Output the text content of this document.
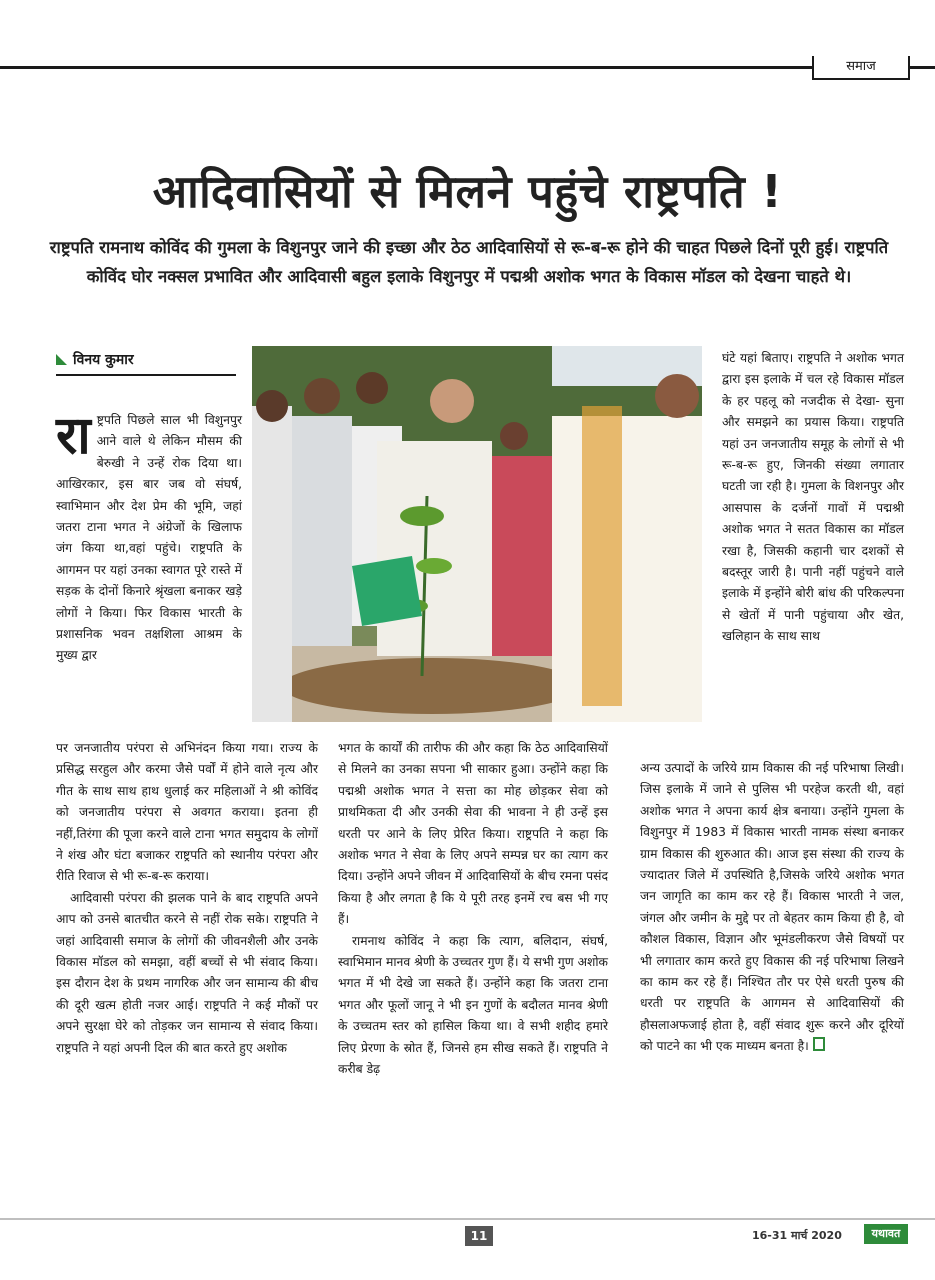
समाज
आदिवासियों से मिलने पहुंचे राष्ट्रपति !
राष्ट्रपति रामनाथ कोविंद की गुमला के विशुनपुर जाने की इच्छा और ठेठ आदिवासियों से रू-ब-रू होने की चाहत पिछले दिनों पूरी हुई। राष्ट्रपति कोविंद घोर नक्सल प्रभावित और आदिवासी बहुल इलाके विशुनपुर में पद्मश्री अशोक भगत के विकास मॉडल को देखना चाहते थे।
विनय कुमार

राष्ट्रपति पिछले साल भी विशुनपुर आने वाले थे लेकिन मौसम की बेरुखी ने उन्हें रोक दिया था। आखिरकार, इस बार जब वो संघर्ष, स्वाभिमान और देश प्रेम की भूमि, जहां जतरा टाना भगत ने अंग्रेजों के खिलाफ जंग किया था,वहां पहुंचे। राष्ट्रपति के आगमन पर यहां उनका स्वागत पूरे रास्ते में सड़क के दोनों किनारे श्रृंखला बनाकर खड़े लोगों ने किया। फिर विकास भारती के प्रशासनिक भवन तक्षशिला आश्रम के मुख्य द्वार

पर जनजातीय परंपरा से अभिनंदन किया गया। राज्य के प्रसिद्ध सरहुल और करमा जैसे पर्वों में होने वाले नृत्य और गीत के साथ साथ हाथ धुलाई कर महिलाओं ने श्री कोविंद को जनजातीय परंपरा से अवगत कराया। इतना ही नहीं,तिरंगा की पूजा करने वाले टाना भगत समुदाय के लोगों ने शंख और घंटा बजाकर राष्ट्रपति को स्थानीय परंपरा और रीति रिवाज से भी रू-ब-रू कराया।

आदिवासी परंपरा की झलक पाने के बाद राष्ट्रपति अपने आप को उनसे बातचीत करने से नहीं रोक सके। राष्ट्रपति ने जहां आदिवासी समाज के लोगों की जीवनशैली और उनके विकास मॉडल को समझा, वहीं बच्चों से भी संवाद किया। इस दौरान देश के प्रथम नागरिक और जन सामान्य की बीच की दूरी खत्म होती नजर आई। राष्ट्रपति ने कई मौकों पर अपने सुरक्षा घेरे को तोड़कर जन सामान्य से संवाद किया। राष्ट्रपति ने यहां अपनी दिल की बात करते हुए अशोक

भगत के कार्यों की तारीफ की और कहा कि ठेठ आदिवासियों से मिलने का उनका सपना भी साकार हुआ। उन्होंने कहा कि पद्मश्री अशोक भगत ने सत्ता का मोह छोड़कर सेवा को प्राथमिकता दी और उनकी सेवा की भावना ने ही उन्हें इस धरती पर आने के लिए प्रेरित किया। राष्ट्रपति ने कहा कि अशोक भगत ने सेवा के लिए अपने सम्पन्न घर का त्याग कर दिया। उन्होंने अपने जीवन में आदिवासियों के बीच रमना पसंद किया है और लगता है कि ये पूरी तरह इनमें रच बस भी गए हैं।

रामनाथ कोविंद ने कहा कि त्याग, बलिदान, संघर्ष, स्वाभिमान मानव श्रेणी के उच्चतर गुण हैं। ये सभी गुण अशोक भगत में भी देखे जा सकते हैं। उन्होंने कहा कि जतरा टाना भगत और फूलों जानू ने भी इन गुणों के बदौलत मानव श्रेणी के उच्चतम स्तर को हासिल किया था। वे सभी शहीद हमारे लिए प्रेरणा के स्रोत हैं, जिनसे हम सीख सकते हैं। राष्ट्रपति ने करीब डेढ़

घंटे यहां बिताए। राष्ट्रपति ने अशोक भगत द्वारा इस इलाके में चल रहे विकास मॉडल के हर पहलू को नजदीक से देखा- सुना और समझने का प्रयास किया। राष्ट्रपति यहां उन जनजातीय समूह के लोगों से भी रू-ब-रू हुए, जिनकी संख्या लगातार घटती जा रही है। गुमला के विशनपुर और आसपास के दर्जनों गावों में पद्मश्री अशोक भगत ने सतत विकास का मॉडल रखा है, जिसकी कहानी चार दशकों से बदस्तूर जारी है। पानी नहीं पहुंचने वाले इलाके में इन्होंने बोरी बांध की परिकल्पना से खेतों में पानी पहुंचाया और खेत, खलिहान के साथ साथ

अन्य उत्पादों के जरिये ग्राम विकास की नई परिभाषा लिखी। जिस इलाके में जाने से पुलिस भी परहेज करती थी, वहां अशोक भगत ने अपना कार्य क्षेत्र बनाया। उन्होंने गुमला के विशुनपुर में 1983 में विकास भारती नामक संस्था बनाकर ग्राम विकास की शुरुआत की। आज इस संस्था की राज्य के ज्यादातर जिले में उपस्थिति है,जिसके जरिये अशोक भगत जन जागृति का काम कर रहे हैं। विकास भारती ने जल, जंगल और जमीन के मुद्दे पर तो बेहतर काम किया ही है, वो कौशल विकास, विज्ञान और भूमंडलीकरण जैसे विषयों पर भी लगातार काम करते हुए विकास की नई परिभाषा लिखने का काम कर रहे हैं। निश्चित तौर पर ऐसे धरती पुरुष की धरती पर राष्ट्रपति के आगमन से आदिवासियों की हौसलाअफजाई होता है, वहीं संवाद शुरू करने और दूरियों को पाटने का भी एक माध्यम बनता है।

11	16-31 मार्च 2020	यथावत
